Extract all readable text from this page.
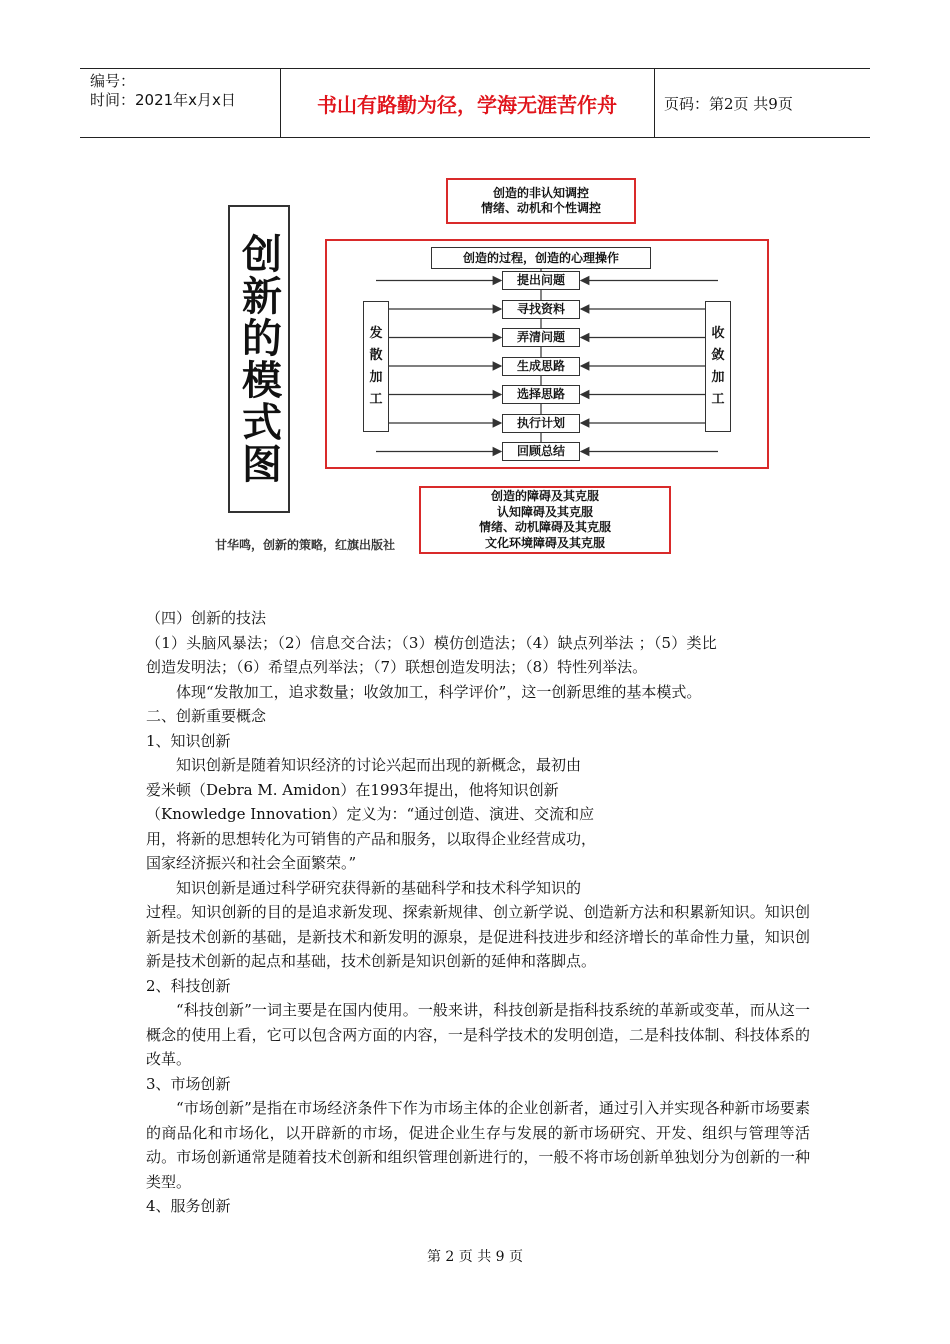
编号：
时间：2021年x月x日	书山有路勤为径，学海无涯苦作舟	页码：第2页 共9页
创新的模式图
创造的非认知调控
情绪、动机和个性调控
创造的过程，创造的心理操作
发
散
加
工
收
敛
加
工
提出问题
寻找资料
弄清问题
生成思路
选择思路
执行计划
回顾总结
创造的障碍及其克服
认知障碍及其克服
情绪、动机障碍及其克服
文化环境障碍及其克服
甘华鸣，创新的策略，红旗出版社

（四）创新的技法

（1）头脑风暴法；（2）信息交合法；（3）模仿创造法；（4）缺点列举法 ；（5）类比

创造发明法；（6）希望点列举法；（7）联想创造发明法；（8）特性列举法。

体现“发散加工，追求数量；收敛加工，科学评价”，这一创新思维的基本模式。

二、创新重要概念

1、知识创新

知识创新是随着知识经济的讨论兴起而出现的新概念，最初由

爱米顿（Debra M. Amidon）在1993年提出，他将知识创新

（Knowledge Innovation）定义为：“通过创造、演进、交流和应

用，将新的思想转化为可销售的产品和服务，以取得企业经营成功，

国家经济振兴和社会全面繁荣。”

知识创新是通过科学研究获得新的基础科学和技术科学知识的

过程。知识创新的目的是追求新发现、探索新规律、创立新学说、创造新方法和积累新知识。知识创新是技术创新的基础，是新技术和新发明的源泉，是促进科技进步和经济增长的革命性力量，知识创新是技术创新的起点和基础，技术创新是知识创新的延伸和落脚点。

2、科技创新

“科技创新”一词主要是在国内使用。一般来讲，科技创新是指科技系统的革新或变革，而从这一概念的使用上看，它可以包含两方面的内容，一是科学技术的发明创造，二是科技体制、科技体系的改革。

3、市场创新

“市场创新”是指在市场经济条件下作为市场主体的企业创新者，通过引入并实现各种新市场要素的商品化和市场化，以开辟新的市场，促进企业生存与发展的新市场研究、开发、组织与管理等活动。市场创新通常是随着技术创新和组织管理创新进行的，一般不将市场创新单独划分为创新的一种类型。

4、服务创新

第 2 页 共 9 页
